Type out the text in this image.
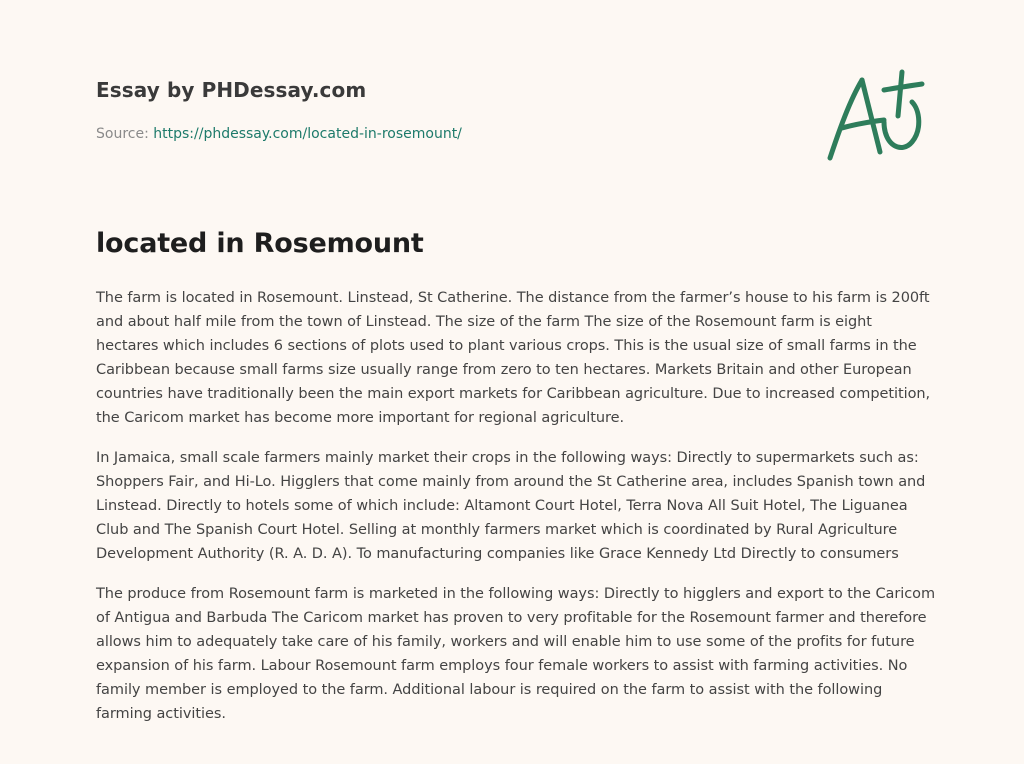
Essay by PHDessay.com

Source: https://phdessay.com/located-in-rosemount/
located in Rosemount

The farm is located in Rosemount. Linstead, St Catherine. The distance from the farmer’s house to his farm is 200ft and about half mile from the town of Linstead. The size of the farm The size of the Rosemount farm is eight hectares which includes 6 sections of plots used to plant various crops. This is the usual size of small farms in the Caribbean because small farms size usually range from zero to ten hectares. Markets Britain and other European countries have traditionally been the main export markets for Caribbean agriculture. Due to increased competition, the Caricom market has become more important for regional agriculture.

In Jamaica, small scale farmers mainly market their crops in the following ways: Directly to supermarkets such as: Shoppers Fair, and Hi-Lo. Higglers that come mainly from around the St Catherine area, includes Spanish town and Linstead. Directly to hotels some of which include: Altamont Court Hotel, Terra Nova All Suit Hotel, The Liguanea Club and The Spanish Court Hotel. Selling at monthly farmers market which is coordinated by Rural Agriculture Development Authority (R. A. D. A). To manufacturing companies like Grace Kennedy Ltd Directly to consumers

The produce from Rosemount farm is marketed in the following ways: Directly to higglers and export to the Caricom of Antigua and Barbuda The Caricom market has proven to very profitable for the Rosemount farmer and therefore allows him to adequately take care of his family, workers and will enable him to use some of the profits for future expansion of his farm. Labour Rosemount farm employs four female workers to assist with farming activities. No family member is employed to the farm. Additional labour is required on the farm to assist with the following farming activities.
